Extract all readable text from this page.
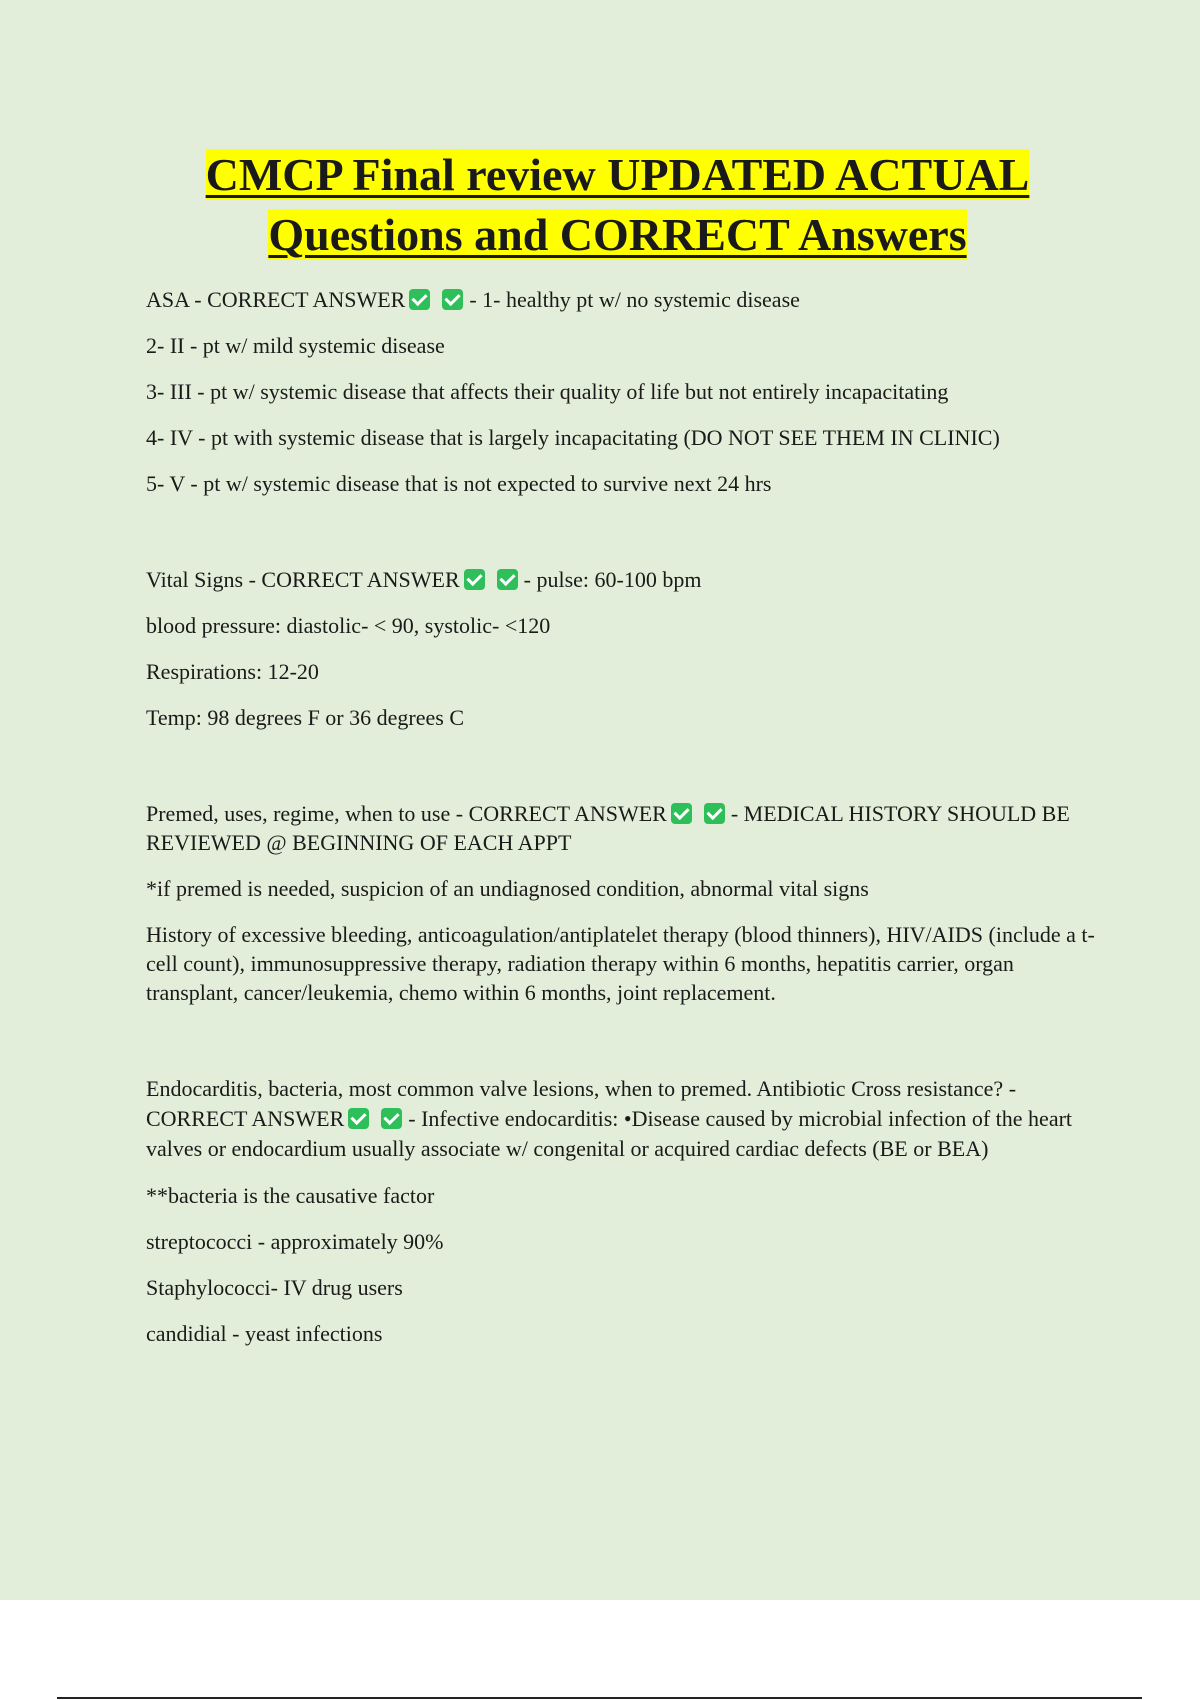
CMCP Final review UPDATED ACTUAL
Questions and CORRECT Answers

ASA - CORRECT ANSWER	- 1- healthy pt w/ no systemic disease

2- II - pt w/ mild systemic disease

3- III - pt w/ systemic disease that affects their quality of life but not entirely incapacitating

4- IV - pt with systemic disease that is largely incapacitating (DO NOT SEE THEM IN CLINIC)

5- V - pt w/ systemic disease that is not expected to survive next 24 hrs

Vital Signs - CORRECT ANSWER	- pulse: 60-100 bpm

blood pressure: diastolic- < 90, systolic- <120

Respirations: 12-20

Temp: 98 degrees F or 36 degrees C

Premed, uses, regime, when to use - CORRECT ANSWER	- MEDICAL HISTORY SHOULD BE REVIEWED @ BEGINNING OF EACH APPT

*if premed is needed, suspicion of an undiagnosed condition, abnormal vital signs

History of excessive bleeding, anticoagulation/antiplatelet therapy (blood thinners), HIV/AIDS (include a t-cell count), immunosuppressive therapy, radiation therapy within 6 months, hepatitis carrier, organ transplant, cancer/leukemia, chemo within 6 months, joint replacement.

Endocarditis, bacteria, most common valve lesions, when to premed. Antibiotic Cross resistance? - CORRECT ANSWER	- Infective endocarditis: •Disease caused by microbial infection of the heart valves or endocardium usually associate w/ congenital or acquired cardiac defects (BE or BEA)

**bacteria is the causative factor

streptococci - approximately 90%

Staphylococci- IV drug users

candidial - yeast infections
